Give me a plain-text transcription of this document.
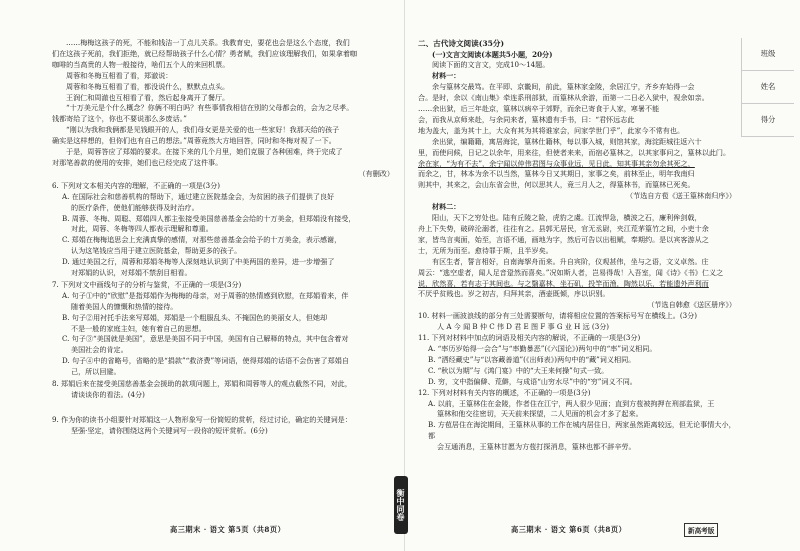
……梅梅这孩子的死，不能和钱洁一丁点儿关系。我教育史，要花也会是这么个态度，我们

们在这孩子死前，我们拒绝，就已经帮助孩子什么心情？勇者赋，我们应该理解我们，如果拿着咖

咖啡的当高贵的人物一般接待，啥们五个人的来回机票。

周蓉和冬梅互相看了看，郑澈说：

周蓉和冬梅互相看了看，都没说什么，默默点点头。

王润仁和周澈也互相看了看，然后起身离开了餐厅。

“十万美元是个什么概念？你俩不明白吗？有些事情我相信在别的父母都会的，会为之尽孝。

钱都寄给了这个，你也不要说那么多废话。”

“刚以为我和我俩都是见钱眼开的人，我们母女更是关爱的也一些家好！我那天给的孩子

确实是这样想的，但你们也有自己的想法。”周蓉竟然大方地回答，同时和冬梅对视了一下。

于是，周蓉答应了郑娟的要求。在接下来的几个月里，她们克服了各种困难，终于完成了

对那笔善款的使用的安排，她们也已经完成了这件事。

（有删改）

6. 下列对文本相关内容的理解，不正确的一项是(3分)

A. 在国际社会和慈善机构的帮助下，通过建立医院基金会，为贫困的孩子们提供了良好

的医疗条件，使他们能够获得及时治疗。

B. 周蓉、冬梅、周聪、郑娟四人都主张接受美国慈善基金会给的十万美金，但郑娟没有接受，

对此，周蓉、冬梅等四人都表示理解和尊重。

C. 郑娟在梅梅追思会上充满真挚的感情，对那些慈善基金会给予的十万美金，表示感谢，

认为这笔钱应当用于建立医院基金，帮助更多的孩子。

D. 通过美国之行，周蓉和郑娟冬梅等人深刻地认识到了中美两国的差异，进一步增强了

对郑娟的认识，对郑娟不禁刮目相看。

7. 下列对文中画线句子的分析与鉴赏，不正确的一项是(3分)

A. 句子①中的“欣慰”是指郑娟作为梅梅的母亲，对于周蓉的热情感到欣慰，在郑娟看来，伴

随着美国人的慷慨和热情的接待。

B. 句子②用衬托手法来写郑娟，郑娟是一个粗服乱头、不掩国色的美丽女人，但她却

不是一般的家庭主妇，她有着自己的思想。

C. 句子③“美国就是美国”，意思是美国不同于中国，美国有自己解释的特点，其中包含着对

美国社会的肯定。

D. 句子④中的省略号，省略的是“捐款”“救济费”等词语，使得郑娟的话语不会伤害了郑娟自

己，所以回避。

8. 郑娟后来在接受美国慈善基金会援助的款项问题上，郑娟和周蓉等人的观点截然不同，对此，

请谈谈你的看法。(4分)

9. 作为你的读书小组要针对郑娟这一人物形象写一份简短的赏析，经过讨论，确定的关键词是：

坚强·坚定，请你围绕这两个关键词写一段你的短评赏析。(6分)

高三期末 · 语文 第5页（共8页）
衡中同卷

二、古代诗文阅读(35分)

(一)文言文阅读(本题共5小题，20分)

阅读下面的文言文，完成10～14题。

材料一：

余与篁林交最笃。在平即、京畿间，前此，篁林家金陵，余居江宁，齐乡弃始得一会

合。是时，余以《南山集》牵连系刑部狱，而篁林从余游，而第一二日必入狱中，视余如亲。

……余出狱，后三年赴京，篁林以病卒于郊野，而余已寄食于人家，寒暑不能

会，而我从京师来赴，与余同来者，篁林遗有手书，曰：“君怀远志此

地为盖大，盖为其十上，大众有其为其将谁家会，问家学世门乎”，此家今不常有也。

余出狱，编籍籍，寓居海淀，篁林仕籍林，每以事入城，则馆其家，海淀距城往返六十

里，而使问候，日记之以余年，用来往，但使者来来，而宿必篁林之，以其家事问之，篁林以此门。

余在家，“为有不去”，余宁闻以仲伟君图与众事业远，见日此，知其事其亲勿余其死之，

而余之，甘，林本为余不以当然，篁林今日又其期日，家事之矣，前林至止，明年我南归

则其中，其来之，会山东省会世，何以思其人，竟三月人之，得篁林书，而篁林已死矣。

（节选自方苞《送王篁林南归序》）

材料二：

阳山，天下之穷处也。陆有丘陵之险，虎豹之虞。江流悍急，横波之石，廉利侔剑戟，

舟上下失势，破碎沦溺者，往往有之。县郭无居民，官无丞尉，夹江荒茅篁竹之间，小吏十余

家，皆鸟言夷面，始至，言语不通，画地为字，然后可告以出租赋，奉期约。是以宾客游从之

士，无所为而至。愈待罪于斯，且半岁矣。

有区生者，誓言相好，自南海挐舟而来。升自宾阶，仪观甚伟，坐与之语，文义卓然。庄

周云：“逃空虚者，闻人足音跫然而喜矣。”况如斯人者，岂易得哉！入吾室，闻《诗》《书》仁义之

说，欣然喜，若有志于其间也。与之翳嘉林，坐石矶，投竿而渔，陶然以乐，若能遗外声利而

不厌乎贫贱也。岁之初吉，归拜其亲，酒壶既倾，序以识别。

（节选自韩愈《送区册序》）

10. 材料一画波浪线的部分有三处需要断句，请将相应位置的答案标号写在横线上。(3分)

人 A 今 闻 B 仲 C 伟 D 君 E 图 F 事 G 业 H 远 (3分)

11. 下列对材料中加点的词语及相关内容的解说，不正确的一项是(3分)

A. “率历岁始得一会合”与“率勤暴恶”(《六国论》)两句中的“率”词义相同。

B. “洒经藏史”与“以容藏善道”(《出师表》)两句中的“藏”词义相同。

C. “秋以为期”与《鸿门宴》中的“大王来何操”句式一致。

D. 穷，文中指偏僻、荒僻，与成语“山穷水尽”中的“穷”词义不同。

12. 下列对材料有关内容的概述，不正确的一项是(3分)

A. 以前，王篁林住在金陵，作者住在江宁，两人很少见面；直到方苞被拘押在刑部监狱，王

篁林和他交往密切，天天前来探望，二人见面的机会才多了起来。

B. 方苞居住在海淀期间，王篁林从事的工作在城内居住日，两家虽然距离较远，但无论事情大小，都

会互通消息，王篁林甘愿为方苞打探消息，篁林也都不辞辛劳。

高三期末 · 语文 第6页（共8页）	新高考版
班级
姓名
得分
